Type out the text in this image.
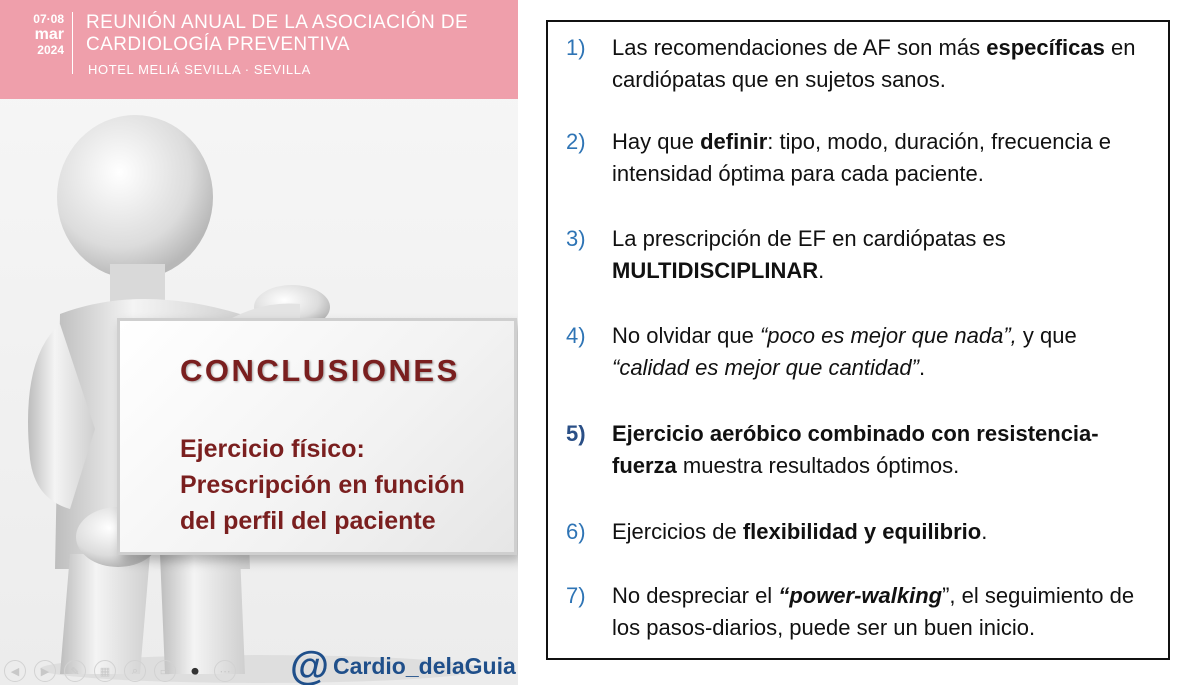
07·08
mar
2024
REUNIÓN ANUAL DE LA ASOCIACIÓN DE
CARDIOLOGÍA PREVENTIVA
HOTEL MELIÁ SEVILLA · SEVILLA
CONCLUSIONES
Ejercicio físico:
Prescripción en función
del perfil del paciente
◀	▶	✎	▦	⌕	▭	⏺	⋯ @ Cardio_delaGuia
1)	Las recomendaciones de AF son más específicas en cardiópatas que en sujetos sanos.
2)	Hay que definir: tipo, modo, duración, frecuencia e intensidad óptima para cada paciente.
3)	La prescripción de EF en cardiópatas es MULTIDISCIPLINAR.
4)	No olvidar que “poco es mejor que nada”, y que “calidad es mejor que cantidad”.
5)	Ejercicio aeróbico combinado con resistencia-fuerza muestra resultados óptimos.
6)	Ejercicios de flexibilidad y equilibrio.
7)	No despreciar el “power-walking”, el seguimiento de los pasos-diarios, puede ser un buen inicio.
